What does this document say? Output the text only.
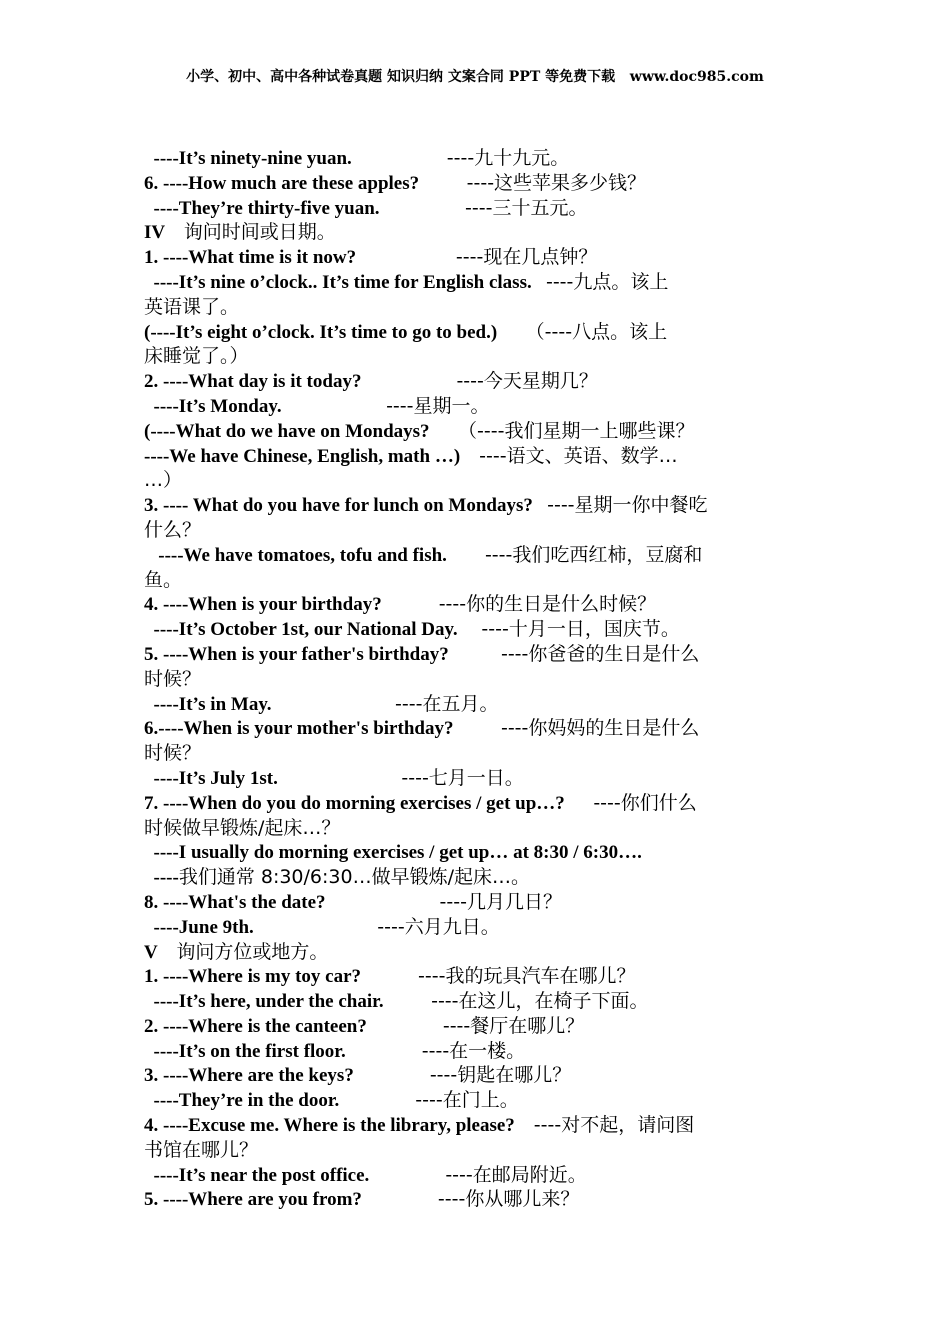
小学、初中、高中各种试卷真题 知识归纳 文案合同 PPT 等免费下载   www.doc985.com
----It’s ninety-nine yuan.                    ----九十九元。
6. ----How much are these apples?          ----这些苹果多少钱？
----They’re thirty-five yuan.                  ----三十五元。
IV    询问时间或日期。
1. ----What time is it now?                     ----现在几点钟？
----It’s nine o’clock.. It’s time for English class.   ----九点。该上
英语课了。
(----It’s eight o’clock. It’s time to go to bed.)      （----八点。该上
床睡觉了。）
2. ----What day is it today?                    ----今天星期几？
----It’s Monday.                      ----星期一。
(----What do we have on Mondays?      （----我们星期一上哪些课？
----We have Chinese, English, math …)    ----语文、英语、数学…
…）
3. ---- What do you have for lunch on Mondays?   ----星期一你中餐吃
什么？
----We have tomatoes, tofu and fish.        ----我们吃西红柿，豆腐和
鱼。
4. ----When is your birthday?            ----你的生日是什么时候？
----It’s October 1st, our National Day.     ----十月一日，国庆节。
5. ----When is your father's birthday?           ----你爸爸的生日是什么
时候？
----It’s in May.                          ----在五月。
6.----When is your mother's birthday?          ----你妈妈的生日是什么
时候？
----It’s July 1st.                          ----七月一日。
7. ----When do you do morning exercises / get up…?      ----你们什么
时候做早锻炼/起床…？
----I usually do morning exercises / get up… at 8:30 / 6:30….
----我们通常 8:30/6:30…做早锻炼/起床…。
8. ----What's the date?                        ----几月几日？
----June 9th.                          ----六月九日。
V    询问方位或地方。
1. ----Where is my toy car?            ----我的玩具汽车在哪儿？
----It’s here, under the chair.          ----在这儿，在椅子下面。
2. ----Where is the canteen?                ----餐厅在哪儿？
----It’s on the first floor.                ----在一楼。
3. ----Where are the keys?                ----钥匙在哪儿？
----They’re in the door.                ----在门上。
4. ----Excuse me. Where is the library, please?    ----对不起，请问图
书馆在哪儿？
----It’s near the post office.                ----在邮局附近。
5. ----Where are you from?                ----你从哪儿来？
